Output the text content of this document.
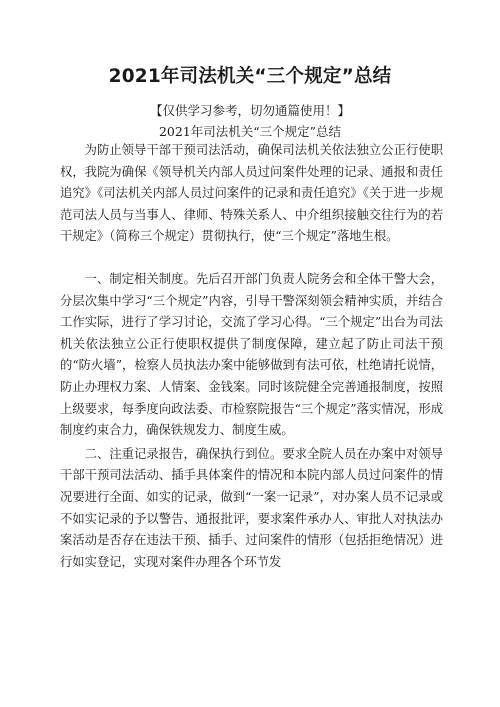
2021年司法机关“三个规定”总结

【仅供学习参考，切勿通篇使用！】

2021年司法机关“三个规定”总结

为防止领导干部干预司法活动，确保司法机关依法独立公正行使职权，我院为确保《领导机关内部人员过问案件处理的记录、通报和责任追究》《司法机关内部人员过问案件的记录和责任追究》《关于进一步规范司法人员与当事人、律师、特殊关系人、中介组织接触交往行为的若干规定》（简称三个规定）贯彻执行，使“三个规定”落地生根。

一、制定相关制度。先后召开部门负责人院务会和全体干警大会，分层次集中学习“三个规定”内容，引导干警深刻领会精神实质，并结合工作实际，进行了学习讨论，交流了学习心得。“三个规定”出台为司法机关依法独立公正行使职权提供了制度保障，建立起了防止司法干预的“防火墙”，检察人员执法办案中能够做到有法可依，杜绝请托说情，防止办理权力案、人情案、金钱案。同时该院健全完善通报制度，按照上级要求，每季度向政法委、市检察院报告“三个规定”落实情况，形成制度约束合力，确保铁规发力、制度生威。

二、注重记录报告，确保执行到位。要求全院人员在办案中对领导干部干预司法活动、插手具体案件的情况和本院内部人员过问案件的情况要进行全面、如实的记录，做到“一案一记录”，对办案人员不记录或不如实记录的予以警告、通报批评，要求案件承办人、审批人对执法办案活动是否存在违法干预、插手、过问案件的情形（包括拒绝情况）进行如实登记，实现对案件办理各个环节发
